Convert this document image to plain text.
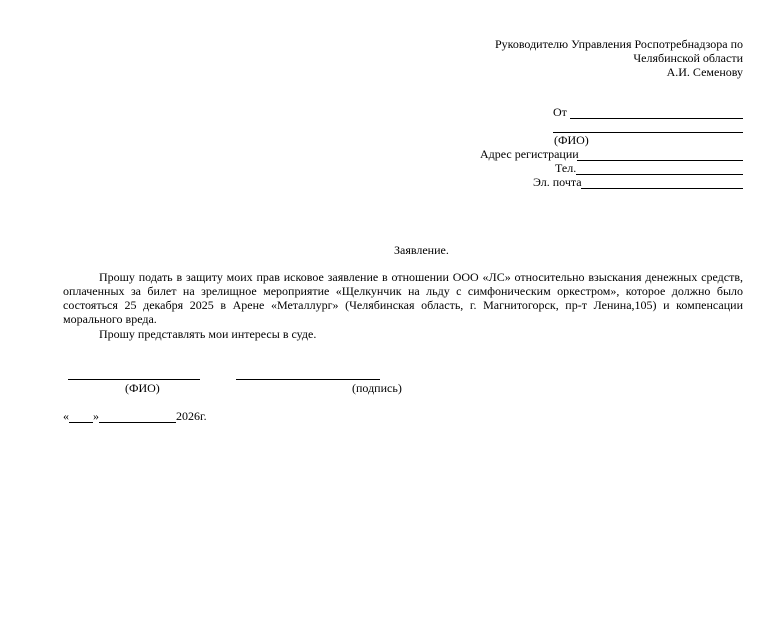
Руководителю Управления Роспотребнадзора по
Челябинской области
А.И. Семенову
От
(ФИО)
Адрес регистрации
Тел.
Эл. почта
Заявление.
Прошу подать в защиту моих прав исковое заявление в отношении ООО «ЛС» относительно взыскания денежных средств, оплаченных за билет на зрелищное мероприятие «Щелкунчик на льду с симфоническим оркестром», которое должно было состояться 25 декабря 2025 в Арене «Металлург» (Челябинская область, г. Магнитогорск, пр-т Ленина,105) и компенсации морального вреда.
Прошу представлять мои интересы в суде.
(ФИО)	(подпись)
« »	2026г.
